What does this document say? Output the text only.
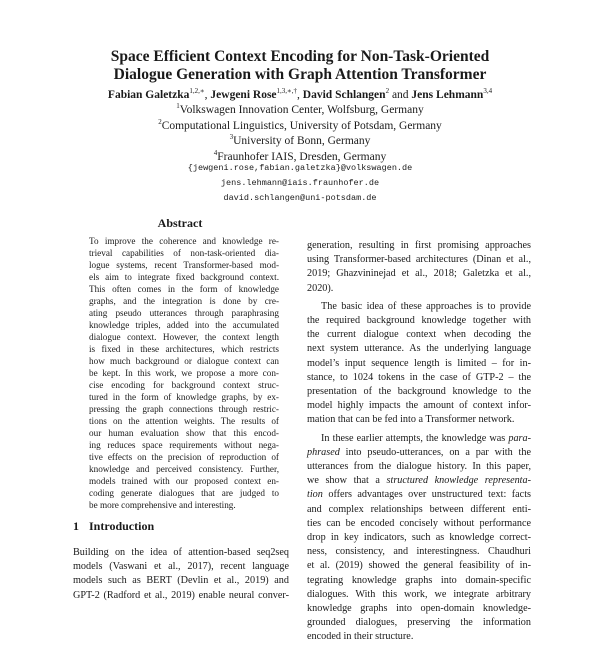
Space Efficient Context Encoding for Non-Task-Oriented
Dialogue Generation with Graph Attention Transformer
Fabian Galetzka$^{1,2,∗}$, Jewgeni Rose$^{1,3,∗,\dagger}$, David Schlangen$^2$ and Jens Lehmann$^{3,4}$
$^1$Volkswagen Innovation Center, Wolfsburg, Germany
$^2$Computational Linguistics, University of Potsdam, Germany
$^3$University of Bonn, Germany
$^4$Fraunhofer IAIS, Dresden, Germany
{jewgeni.rose,fabian.galetzka}@volkswagen.de
jens.lehmann@iais.fraunhofer.de
david.schlangen@uni-potsdam.de
Abstract
To improve the coherence and knowledge re-
trieval capabilities of non-task-oriented dia-
logue systems, recent Transformer-based mod-
els aim to integrate fixed background context.
This often comes in the form of knowledge
graphs, and the integration is done by cre-
ating pseudo utterances through paraphrasing
knowledge triples, added into the accumulated
dialogue context. However, the context length
is fixed in these architectures, which restricts
how much background or dialogue context can
be kept. In this work, we propose a more con-
cise encoding for background context struc-
tured in the form of knowledge graphs, by ex-
pressing the graph connections through restric-
tions on the attention weights. The results of
our human evaluation show that this encod-
ing reduces space requirements without nega-
tive effects on the precision of reproduction of
knowledge and perceived consistency. Further,
models trained with our proposed context en-
coding generate dialogues that are judged to
be more comprehensive and interesting.
1 Introduction
Building on the idea of attention-based seq2seq
models (Vaswani et al., 2017), recent language
models such as BERT (Devlin et al., 2019) and
GPT-2 (Radford et al., 2019) enable neural conver-
generation, resulting in first promising approaches
using Transformer-based architectures (Dinan et al.,
2019; Ghazvininejad et al., 2018; Galetzka et al.,
2020).
The basic idea of these approaches is to provide
the required background knowledge together with
the current dialogue context when decoding the
next system utterance. As the underlying language
model’s input sequence length is limited – for in-
stance, to 1024 tokens in the case of GTP-2 – the
presentation of the background knowledge to the
model highly impacts the amount of context infor-
mation that can be fed into a Transformer network.
In these earlier attempts, the knowledge was para-
phrased into pseudo-utterances, on a par with the
utterances from the dialogue history. In this paper,
we show that a structured knowledge representa-
tion offers advantages over unstructured text: facts
and complex relationships between different enti-
ties can be encoded concisely without performance
drop in key indicators, such as knowledge correct-
ness, consistency, and interestingness. Chaudhuri
et al. (2019) showed the general feasibility of in-
tegrating knowledge graphs into domain-specific
dialogues. With this work, we integrate arbitrary
knowledge graphs into open-domain knowledge-
grounded dialogues, preserving the information
encoded in their structure.
